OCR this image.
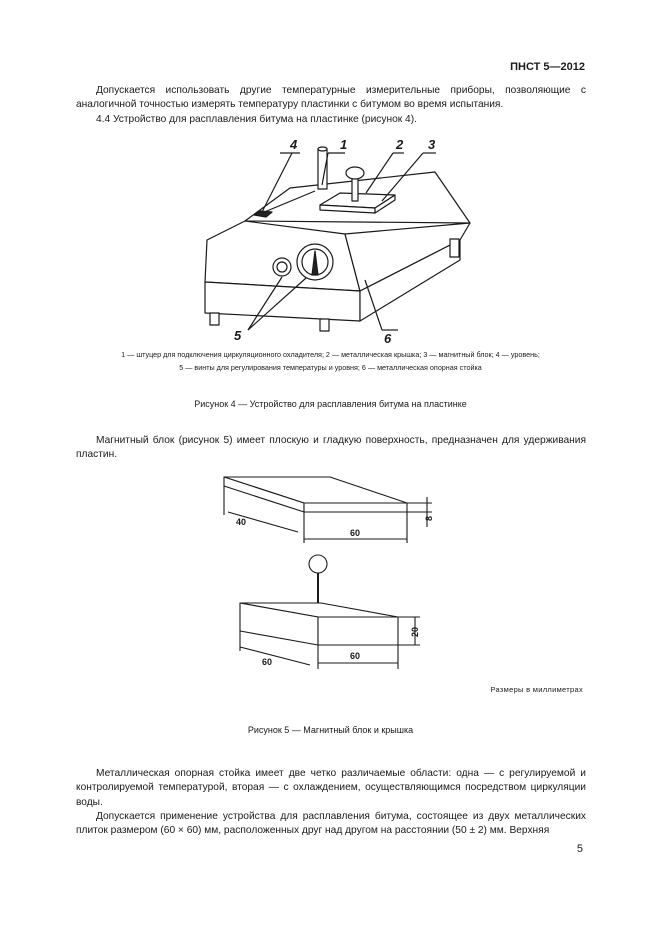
ПНСТ 5—2012

Допускается использовать другие температурные измерительные приборы, позволяющие с аналогичной точностью измерять температуру пластинки с битумом во время испытания.

4.4 Устройство для расплавления битума на пластинке (рисунок 4).

1	2 3
4
5	6
1 — штуцер для подключения циркуляционного охладителя; 2 — металлическая крышка; 3 — магнитный блок; 4 — уровень;
5 — винты для регулирования температуры и уровня; 6 — металлическая опорная стойка
Рисунок 4 — Устройство для расплавления битума на пластинке

Магнитный блок (рисунок 5) имеет плоскую и гладкую поверхность, предназначен для удерживания пластин.

40
60
8
60
60
20
Размеры в миллиметрах
Рисунок 5 — Магнитный блок и крышка

Металлическая опорная стойка имеет две четко различаемые области: одна — с регулируемой и контролируемой температурой, вторая — с охлаждением, осуществляющимся посредством циркуляции воды.

Допускается применение устройства для расплавления битума, состоящее из двух металлических плиток размером (60 × 60) мм, расположенных друг над другом на расстоянии (50 ± 2) мм. Верхняя

5
